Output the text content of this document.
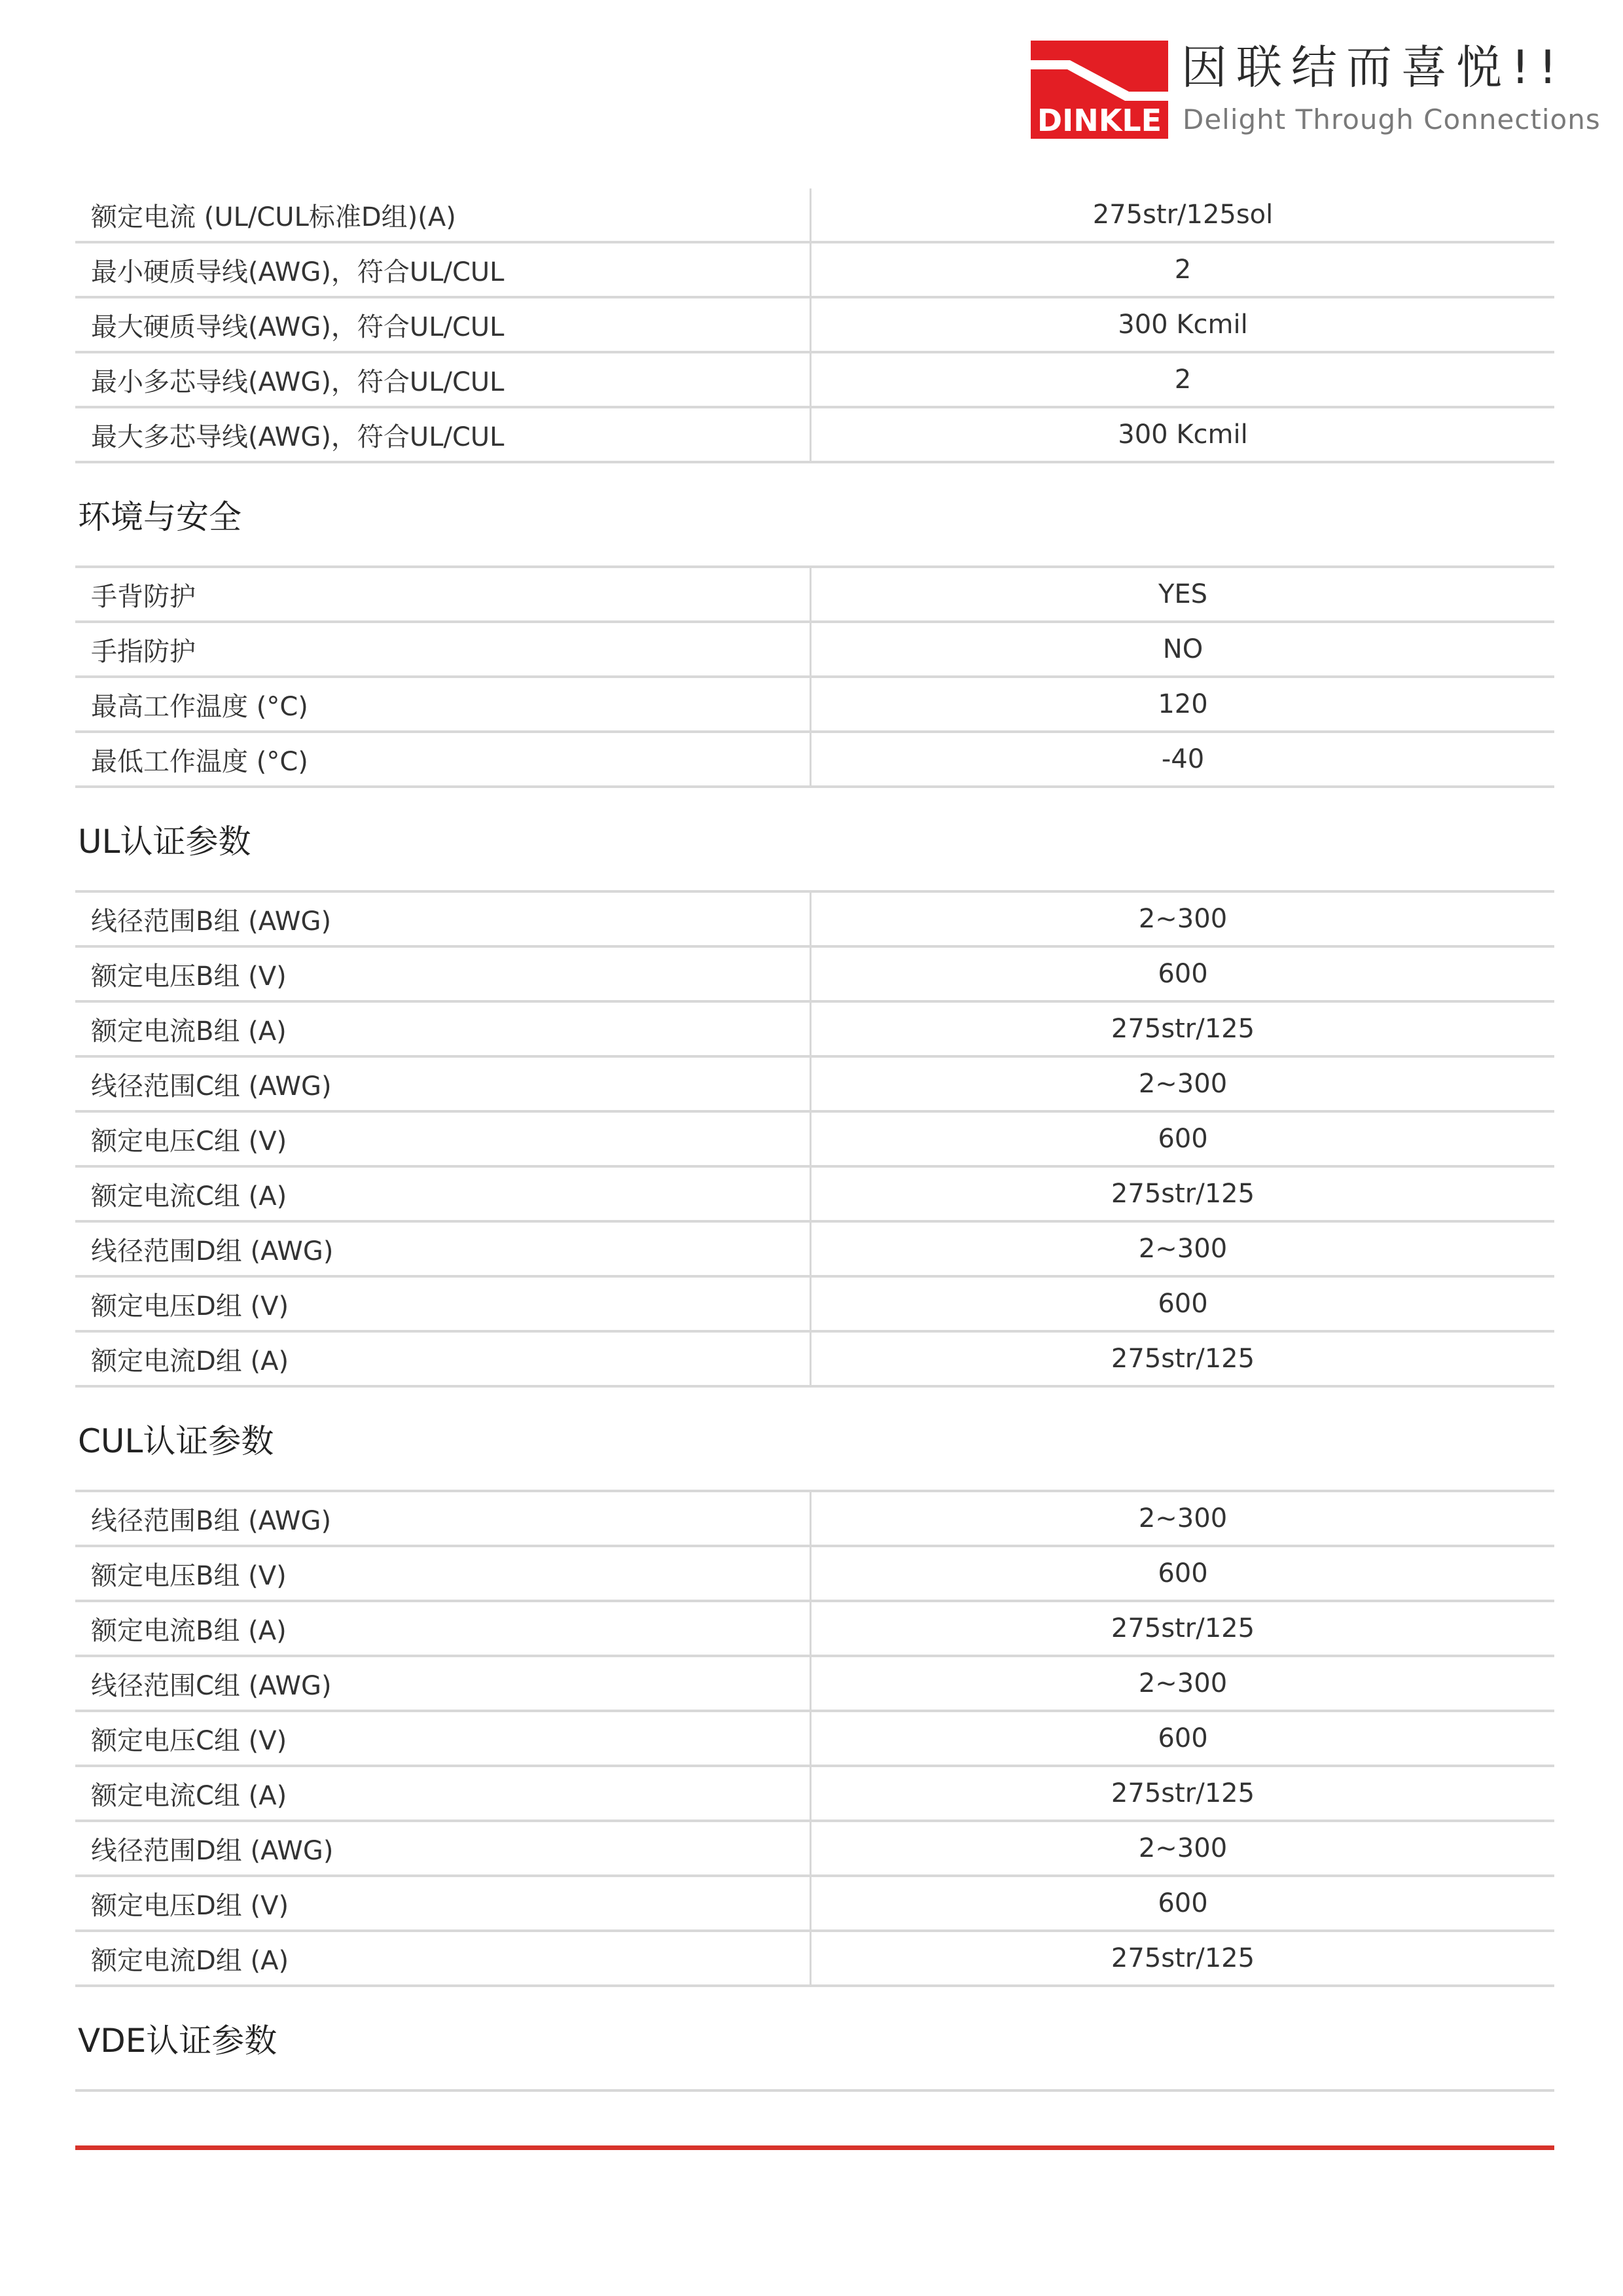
DINKLE
因联结而喜悦!!
Delight Through Connections
额定电流 (UL/CUL标准D组)(A)	275str/125sol
最小硬质导线(AWG)，符合UL/CUL	2
最大硬质导线(AWG)，符合UL/CUL	300 Kcmil
最小多芯导线(AWG)，符合UL/CUL	2
最大多芯导线(AWG)，符合UL/CUL	300 Kcmil
环境与安全
手背防护	YES
手指防护	NO
最高工作温度 (°C)	120
最低工作温度 (°C)	-40
UL认证参数
线径范围B组 (AWG)	2~300
额定电压B组 (V)	600
额定电流B组 (A)	275str/125
线径范围C组 (AWG)	2~300
额定电压C组 (V)	600
额定电流C组 (A)	275str/125
线径范围D组 (AWG)	2~300
额定电压D组 (V)	600
额定电流D组 (A)	275str/125
CUL认证参数
线径范围B组 (AWG)	2~300
额定电压B组 (V)	600
额定电流B组 (A)	275str/125
线径范围C组 (AWG)	2~300
额定电压C组 (V)	600
额定电流C组 (A)	275str/125
线径范围D组 (AWG)	2~300
额定电压D组 (V)	600
额定电流D组 (A)	275str/125
VDE认证参数
